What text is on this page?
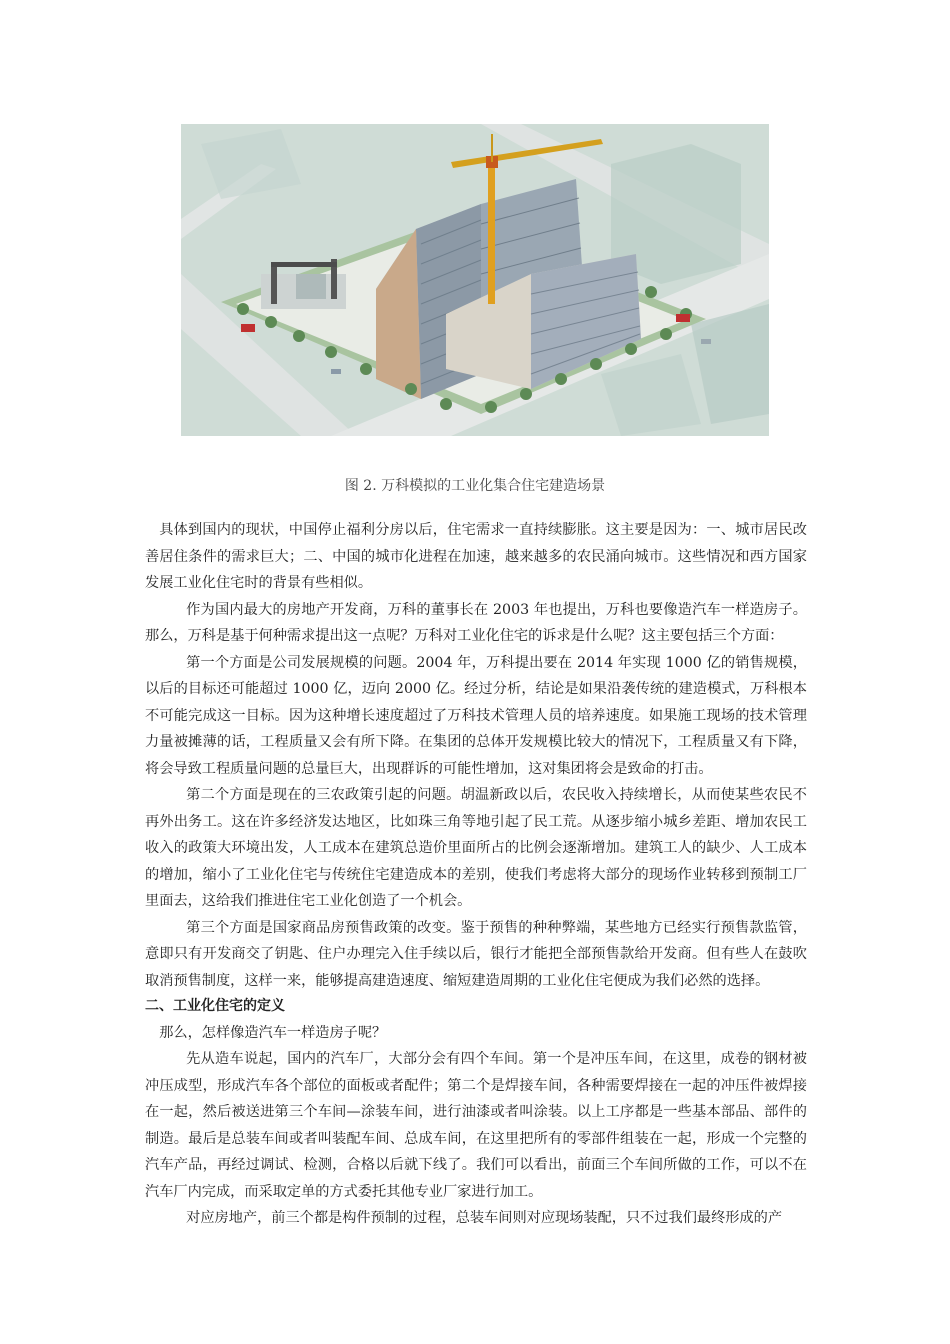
图 2. 万科模拟的工业化集合住宅建造场景

具体到国内的现状，中国停止福利分房以后，住宅需求一直持续膨胀。这主要是因为：一、城市居民改善居住条件的需求巨大；二、中国的城市化进程在加速，越来越多的农民涌向城市。这些情况和西方国家发展工业化住宅时的背景有些相似。

作为国内最大的房地产开发商，万科的董事长在 2003 年也提出，万科也要像造汽车一样造房子。那么，万科是基于何种需求提出这一点呢？万科对工业化住宅的诉求是什么呢？这主要包括三个方面：

第一个方面是公司发展规模的问题。2004 年，万科提出要在 2014 年实现 1000 亿的销售规模，以后的目标还可能超过 1000 亿，迈向 2000 亿。经过分析，结论是如果沿袭传统的建造模式，万科根本不可能完成这一目标。因为这种增长速度超过了万科技术管理人员的培养速度。如果施工现场的技术管理力量被摊薄的话，工程质量又会有所下降。在集团的总体开发规模比较大的情况下，工程质量又有下降，将会导致工程质量问题的总量巨大，出现群诉的可能性增加，这对集团将会是致命的打击。

第二个方面是现在的三农政策引起的问题。胡温新政以后，农民收入持续增长，从而使某些农民不再外出务工。这在许多经济发达地区，比如珠三角等地引起了民工荒。从逐步缩小城乡差距、增加农民工收入的政策大环境出发，人工成本在建筑总造价里面所占的比例会逐渐增加。建筑工人的缺少、人工成本的增加，缩小了工业化住宅与传统住宅建造成本的差别，使我们考虑将大部分的现场作业转移到预制工厂里面去，这给我们推进住宅工业化创造了一个机会。

第三个方面是国家商品房预售政策的改变。鉴于预售的种种弊端，某些地方已经实行预售款监管，意即只有开发商交了钥匙、住户办理完入住手续以后，银行才能把全部预售款给开发商。但有些人在鼓吹取消预售制度，这样一来，能够提高建造速度、缩短建造周期的工业化住宅便成为我们必然的选择。

二、工业化住宅的定义

那么，怎样像造汽车一样造房子呢？

先从造车说起，国内的汽车厂，大部分会有四个车间。第一个是冲压车间，在这里，成卷的钢材被冲压成型，形成汽车各个部位的面板或者配件；第二个是焊接车间，各种需要焊接在一起的冲压件被焊接在一起，然后被送进第三个车间—涂装车间，进行油漆或者叫涂装。以上工序都是一些基本部品、部件的制造。最后是总装车间或者叫装配车间、总成车间，在这里把所有的零部件组装在一起，形成一个完整的汽车产品，再经过调试、检测，合格以后就下线了。我们可以看出，前面三个车间所做的工作，可以不在汽车厂内完成，而采取定单的方式委托其他专业厂家进行加工。

对应房地产，前三个都是构件预制的过程，总装车间则对应现场装配，只不过我们最终形成的产
